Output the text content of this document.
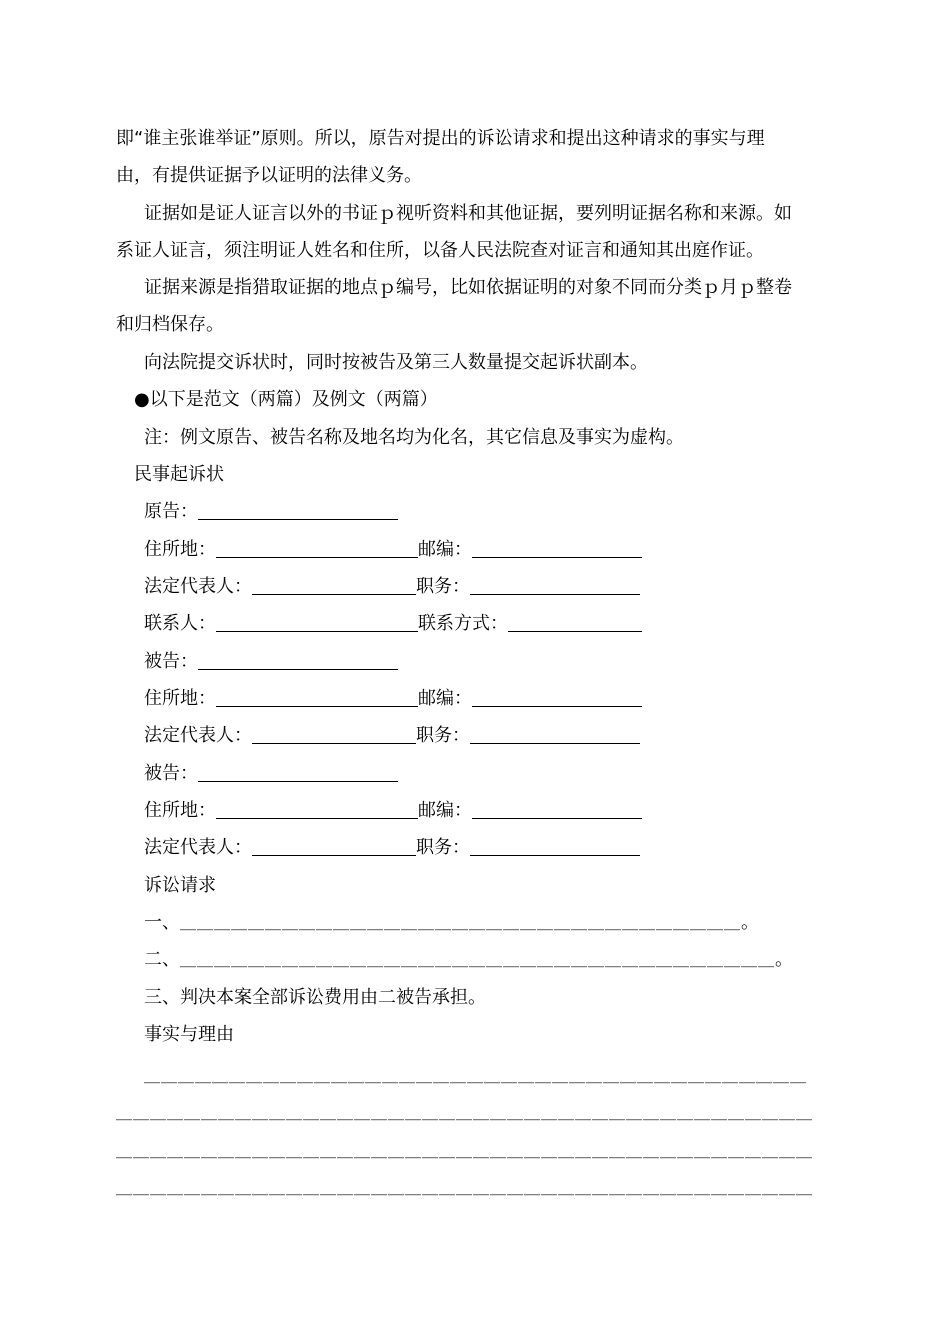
即“谁主张谁举证”原则。所以，原告对提出的诉讼请求和提出这种请求的事实与理
由，有提供证据予以证明的法律义务。
证据如是证人证言以外的书证ｐ视听资料和其他证据，要列明证据名称和来源。如
系证人证言，须注明证人姓名和住所，以备人民法院查对证言和通知其出庭作证。
证据来源是指猎取证据的地点ｐ编号，比如依据证明的对象不同而分类ｐ月ｐ整卷
和归档保存。
向法院提交诉状时，同时按被告及第三人数量提交起诉状副本。
●以下是范文（两篇）及例文（两篇）
注：例文原告、被告名称及地名均为化名，其它信息及事实为虚构。
民事起诉状
原告：
住所地：	邮编：
法定代表人：	职务：
联系人：	联系方式：
被告：
住所地：	邮编：
法定代表人：	职务：
被告：
住所地：	邮编：
法定代表人：	职务：
诉讼请求
一、＿＿＿＿＿＿＿＿＿＿＿＿＿＿＿＿＿＿＿＿＿＿＿＿＿＿＿＿＿＿＿＿＿。
二、＿＿＿＿＿＿＿＿＿＿＿＿＿＿＿＿＿＿＿＿＿＿＿＿＿＿＿＿＿＿＿＿＿＿＿。
三、判决本案全部诉讼费用由二被告承担。
事实与理由
＿＿＿＿＿＿＿＿＿＿＿＿＿＿＿＿＿＿＿＿＿＿＿＿＿＿＿＿＿＿＿＿＿＿＿＿＿＿＿
＿＿＿＿＿＿＿＿＿＿＿＿＿＿＿＿＿＿＿＿＿＿＿＿＿＿＿＿＿＿＿＿＿＿＿＿＿＿＿＿＿
＿＿＿＿＿＿＿＿＿＿＿＿＿＿＿＿＿＿＿＿＿＿＿＿＿＿＿＿＿＿＿＿＿＿＿＿＿＿＿＿＿
＿＿＿＿＿＿＿＿＿＿＿＿＿＿＿＿＿＿＿＿＿＿＿＿＿＿＿＿＿＿＿＿＿＿＿＿＿＿＿＿＿
